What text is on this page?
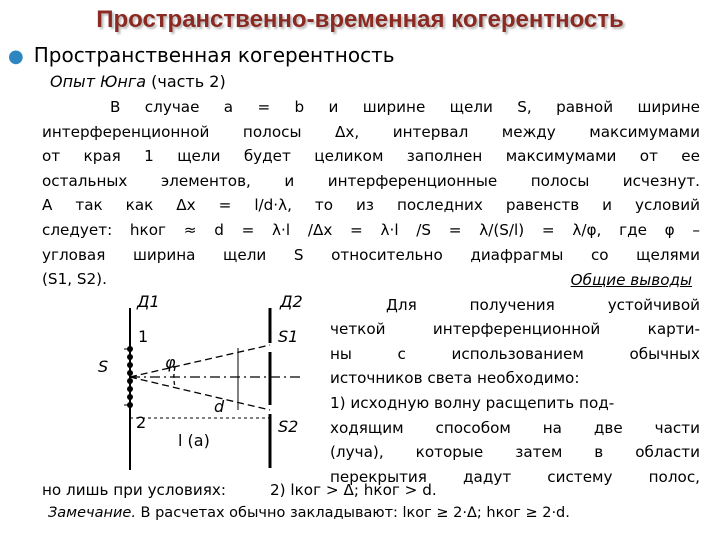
Пространственно-временная когерентность
● Пространственная когерентность
Опыт Юнга (часть 2)

В случае a = b и ширине щели S, равной ширине

интерференционной полосы Δx, интервал между максимумами

от края 1 щели будет целиком заполнен максимумами от ее

остальных элементов, и интерференционные полосы исчезнут.

А так как Δx = l/d·λ, то из последних равенств и условий

следует: hког ≈ d = λ·l /Δx = λ·l /S = λ/(S/l) = λ/φ, где φ –

угловая ширина щели S относительно диафрагмы со щелями

(S1, S2).	Общие выводы

Для получения устойчивой

четкой интерференционной карти-

ны с использованием обычных

источников света необходимо:

1) исходную волну расщепить под-

ходящим способом на две части

(луча), которые затем в области

перекрытия дадут систему полос,

но лишь при условиях:	2) lког > Δ; hког > d.
Замечание. В расчетах обычно закладывают: lког ≥ 2·Δ; hког ≥ 2·d.
Д1	Д2
S1
S2
S
1
2
φ
d
l (a)
